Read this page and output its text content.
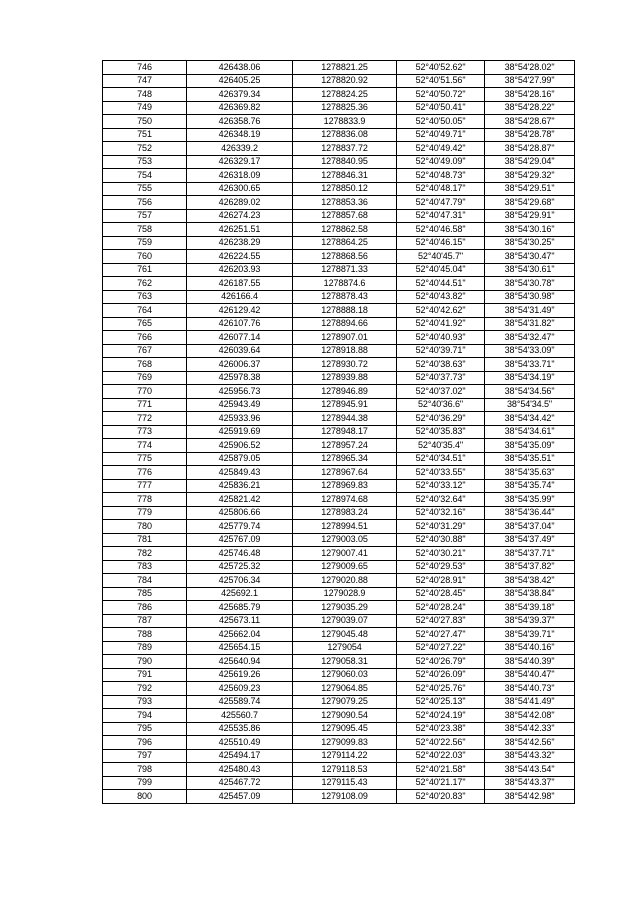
746	426438.06	1278821.25	52°40ʹ52.62ʺ	38°54ʹ28.02ʺ
747	426405.25	1278820.92	52°40ʹ51.56ʺ	38°54ʹ27.99ʺ
748	426379.34	1278824.25	52°40ʹ50.72ʺ	38°54ʹ28.16ʺ
749	426369.82	1278825.36	52°40ʹ50.41ʺ	38°54ʹ28.22ʺ
750	426358.76	1278833.9	52°40ʹ50.05ʺ	38°54ʹ28.67ʺ
751	426348.19	1278836.08	52°40ʹ49.71ʺ	38°54ʹ28.78ʺ
752	426339.2	1278837.72	52°40ʹ49.42ʺ	38°54ʹ28.87ʺ
753	426329.17	1278840.95	52°40ʹ49.09ʺ	38°54ʹ29.04ʺ
754	426318.09	1278846.31	52°40ʹ48.73ʺ	38°54ʹ29.32ʺ
755	426300.65	1278850.12	52°40ʹ48.17ʺ	38°54ʹ29.51ʺ
756	426289.02	1278853.36	52°40ʹ47.79ʺ	38°54ʹ29.68ʺ
757	426274.23	1278857.68	52°40ʹ47.31ʺ	38°54ʹ29.91ʺ
758	426251.51	1278862.58	52°40ʹ46.58ʺ	38°54ʹ30.16ʺ
759	426238.29	1278864.25	52°40ʹ46.15ʺ	38°54ʹ30.25ʺ
760	426224.55	1278868.56	52°40ʹ45.7ʺ	38°54ʹ30.47ʺ
761	426203.93	1278871.33	52°40ʹ45.04ʺ	38°54ʹ30.61ʺ
762	426187.55	1278874.6	52°40ʹ44.51ʺ	38°54ʹ30.78ʺ
763	426166.4	1278878.43	52°40ʹ43.82ʺ	38°54ʹ30.98ʺ
764	426129.42	1278888.18	52°40ʹ42.62ʺ	38°54ʹ31.49ʺ
765	426107.76	1278894.66	52°40ʹ41.92ʺ	38°54ʹ31.82ʺ
766	426077.14	1278907.01	52°40ʹ40.93ʺ	38°54ʹ32.47ʺ
767	426039.64	1278918.88	52°40ʹ39.71ʺ	38°54ʹ33.09ʺ
768	426006.37	1278930.72	52°40ʹ38.63ʺ	38°54ʹ33.71ʺ
769	425978.38	1278939.88	52°40ʹ37.73ʺ	38°54ʹ34.19ʺ
770	425956.73	1278946.89	52°40ʹ37.02ʺ	38°54ʹ34.56ʺ
771	425943.49	1278945.91	52°40ʹ36.6ʺ	38°54ʹ34.5ʺ
772	425933.96	1278944.38	52°40ʹ36.29ʺ	38°54ʹ34.42ʺ
773	425919.69	1278948.17	52°40ʹ35.83ʺ	38°54ʹ34.61ʺ
774	425906.52	1278957.24	52°40ʹ35.4ʺ	38°54ʹ35.09ʺ
775	425879.05	1278965.34	52°40ʹ34.51ʺ	38°54ʹ35.51ʺ
776	425849.43	1278967.64	52°40ʹ33.55ʺ	38°54ʹ35.63ʺ
777	425836.21	1278969.83	52°40ʹ33.12ʺ	38°54ʹ35.74ʺ
778	425821.42	1278974.68	52°40ʹ32.64ʺ	38°54ʹ35.99ʺ
779	425806.66	1278983.24	52°40ʹ32.16ʺ	38°54ʹ36.44ʺ
780	425779.74	1278994.51	52°40ʹ31.29ʺ	38°54ʹ37.04ʺ
781	425767.09	1279003.05	52°40ʹ30.88ʺ	38°54ʹ37.49ʺ
782	425746.48	1279007.41	52°40ʹ30.21ʺ	38°54ʹ37.71ʺ
783	425725.32	1279009.65	52°40ʹ29.53ʺ	38°54ʹ37.82ʺ
784	425706.34	1279020.88	52°40ʹ28.91ʺ	38°54ʹ38.42ʺ
785	425692.1	1279028.9	52°40ʹ28.45ʺ	38°54ʹ38.84ʺ
786	425685.79	1279035.29	52°40ʹ28.24ʺ	38°54ʹ39.18ʺ
787	425673.11	1279039.07	52°40ʹ27.83ʺ	38°54ʹ39.37ʺ
788	425662.04	1279045.48	52°40ʹ27.47ʺ	38°54ʹ39.71ʺ
789	425654.15	1279054	52°40ʹ27.22ʺ	38°54ʹ40.16ʺ
790	425640.94	1279058.31	52°40ʹ26.79ʺ	38°54ʹ40.39ʺ
791	425619.26	1279060.03	52°40ʹ26.09ʺ	38°54ʹ40.47ʺ
792	425609.23	1279064.85	52°40ʹ25.76ʺ	38°54ʹ40.73ʺ
793	425589.74	1279079.25	52°40ʹ25.13ʺ	38°54ʹ41.49ʺ
794	425560.7	1279090.54	52°40ʹ24.19ʺ	38°54ʹ42.08ʺ
795	425535.86	1279095.45	52°40ʹ23.38ʺ	38°54ʹ42.33ʺ
796	425510.49	1279099.83	52°40ʹ22.56ʺ	38°54ʹ42.56ʺ
797	425494.17	1279114.22	52°40ʹ22.03ʺ	38°54ʹ43.32ʺ
798	425480.43	1279118.53	52°40ʹ21.58ʺ	38°54ʹ43.54ʺ
799	425467.72	1279115.43	52°40ʹ21.17ʺ	38°54ʹ43.37ʺ
800	425457.09	1279108.09	52°40ʹ20.83ʺ	38°54ʹ42.98ʺ
